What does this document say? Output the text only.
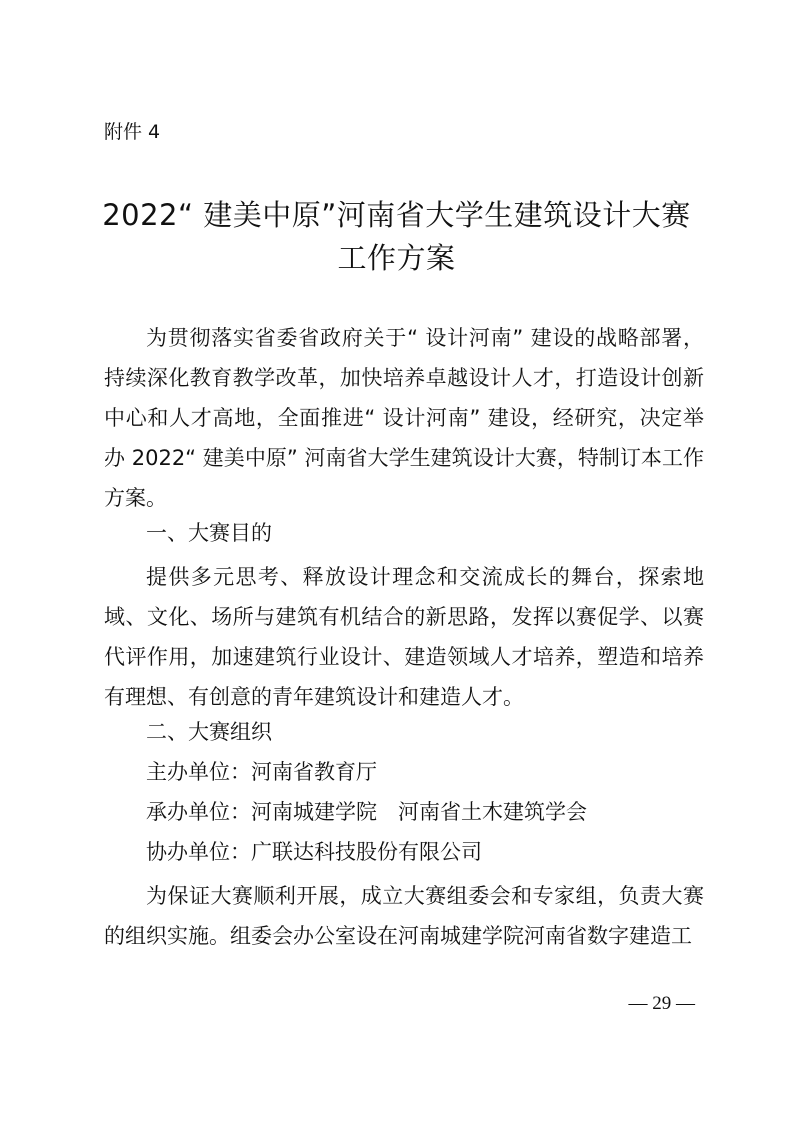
附件 4
2022“ 建美中原”河南省大学生建筑设计大赛
工作方案

为贯彻落实省委省政府关于“ 设计河南” 建设的战略部署，持续深化教育教学改革，加快培养卓越设计人才，打造设计创新中心和人才高地，全面推进“ 设计河南” 建设，经研究，决定举办 2022“ 建美中原” 河南省大学生建筑设计大赛，特制订本工作方案。

一、大赛目的

提供多元思考、释放设计理念和交流成长的舞台，探索地域、文化、场所与建筑有机结合的新思路，发挥以赛促学、以赛代评作用，加速建筑行业设计、建造领域人才培养，塑造和培养有理想、有创意的青年建筑设计和建造人才。

二、大赛组织
主办单位：河南省教育厅
承办单位：河南城建学院　河南省土木建筑学会
协办单位：广联达科技股份有限公司

为保证大赛顺利开展，成立大赛组委会和专家组，负责大赛的组织实施。组委会办公室设在河南城建学院河南省数字建造工

— 29 —
